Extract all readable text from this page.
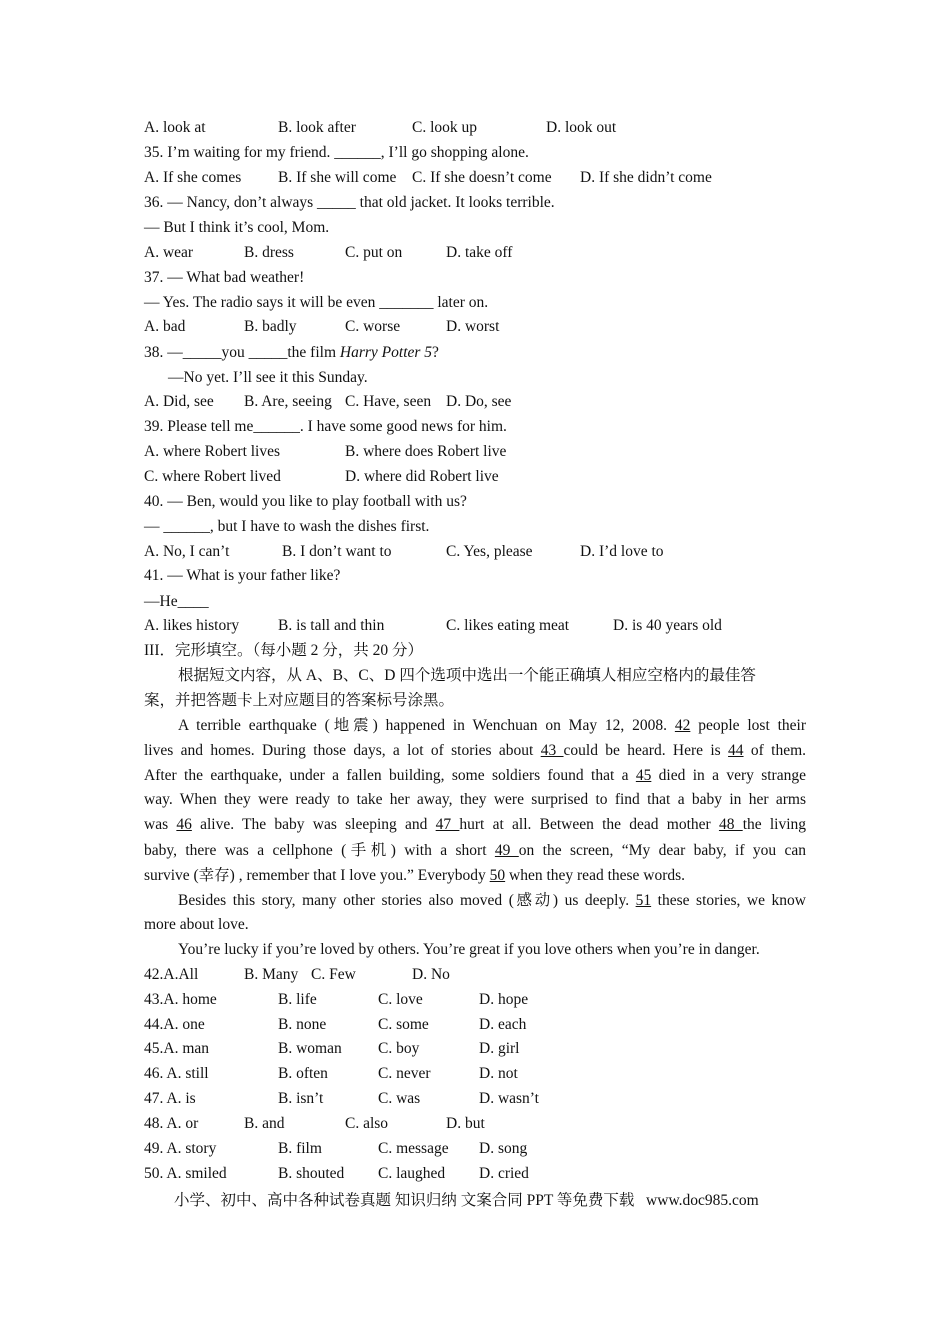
A. look at	B. look after	C. look up	D. look out
35. I’m waiting for my friend. ______, I’ll go shopping alone.
A. If she comes B. If she will come C. If she doesn’t come D. If she didn’t come
36. — Nancy, don’t always _____ that old jacket. It looks terrible.
— But I think it’s cool, Mom.
A. wear	B. dress	C. put on	D. take off
37. — What bad weather!
— Yes. The radio says it will be even _______ later on.
A. bad	B. badly	C. worse	D. worst
38. —_____you _____the film Harry Potter 5?
—No yet. I’ll see it this Sunday.
A. Did, see B. Are, seeing C. Have, seen D. Do, see
39. Please tell me______. I have some good news for him.
A. where Robert lives	B. where does Robert live
C. where Robert lived	D. where did Robert live
40. — Ben, would you like to play football with us?
— ______, but I have to wash the dishes first.
A. No, I can’t	B. I don’t want to	C. Yes, please	D. I’d love to
41. — What is your father like?
—He____
A. likes history	B. is tall and thin	C. likes eating meat	D. is 40 years old
III．完形填空。（每小题 2 分，共 20 分）
根据短文内容，从 A、B、C、D 四个选项中选出一个能正确填人相应空格内的最佳答
案，并把答题卡上对应题目的答案标号涂黑。
A terrible earthquake (地震) happened in Wenchuan on May 12, 2008. 42 people lost their
lives and homes. During those days, a lot of stories about 43 could be heard. Here is 44 of them.
After the earthquake, under a fallen building, some soldiers found that a 45 died in a very strange
way. When they were ready to take her away, they were surprised to find that a baby in her arms
was 46 alive. The baby was sleeping and 47 hurt at all. Between the dead mother 48 the living
baby, there was a cellphone (手机) with a short 49 on the screen, “My dear baby, if you can
survive (幸存) , remember that I love you.” Everybody 50 when they read these words.
Besides this story, many other stories also moved (感动) us deeply. 51 these stories, we know
more about love.
You’re lucky if you’re loved by others. You’re great if you love others when you’re in danger.
42.A.All	B. Many C. Few	D. No
43.A. home	B. life	C. love	D. hope
44.A. one	B. none	C. some	D. each
45.A. man	B. woman C. boy	D. girl
46. A. still	B. often	C. never	D. not
47. A. is	B. isn’t	C. was	D. wasn’t
48. A. or	B. and	C. also	D. but
49. A. story	B. film	C. message D. song
50. A. smiled	B. shouted C. laughed D. cried
小学、初中、高中各种试卷真题 知识归纳 文案合同 PPT 等免费下载   www.doc985.com
